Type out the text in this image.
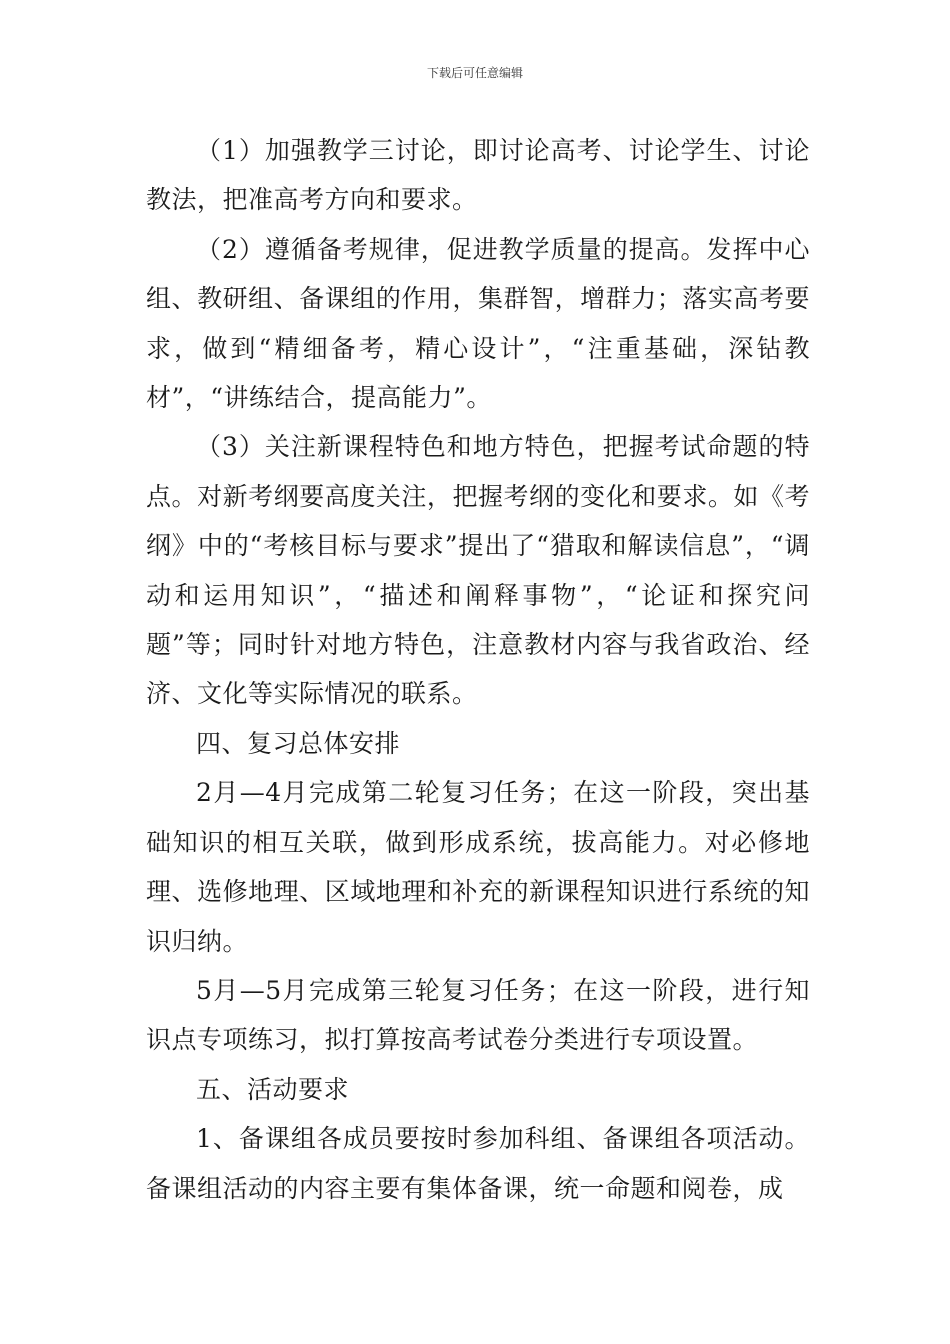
下载后可任意编辑

（1）加强教学三讨论，即讨论高考、讨论学生、讨论教法，把准高考方向和要求。

（2）遵循备考规律，促进教学质量的提高。发挥中心组、教研组、备课组的作用，集群智，增群力；落实高考要求，做到“精细备考，精心设计”，“注重基础，深钻教材”，“讲练结合，提高能力”。

（3）关注新课程特色和地方特色，把握考试命题的特点。对新考纲要高度关注，把握考纲的变化和要求。如《考纲》中的“考核目标与要求”提出了“猎取和解读信息”，“调动和运用知识”，“描述和阐释事物”，“论证和探究问题”等；同时针对地方特色，注意教材内容与我省政治、经济、文化等实际情况的联系。

四、复习总体安排

2月—4月完成第二轮复习任务；在这一阶段，突出基础知识的相互关联，做到形成系统，拔高能力。对必修地理、选修地理、区域地理和补充的新课程知识进行系统的知识归纳。

5月—5月完成第三轮复习任务；在这一阶段，进行知识点专项练习，拟打算按高考试卷分类进行专项设置。

五、活动要求

1、备课组各成员要按时参加科组、备课组各项活动。备课组活动的内容主要有集体备课，统一命题和阅卷，成
